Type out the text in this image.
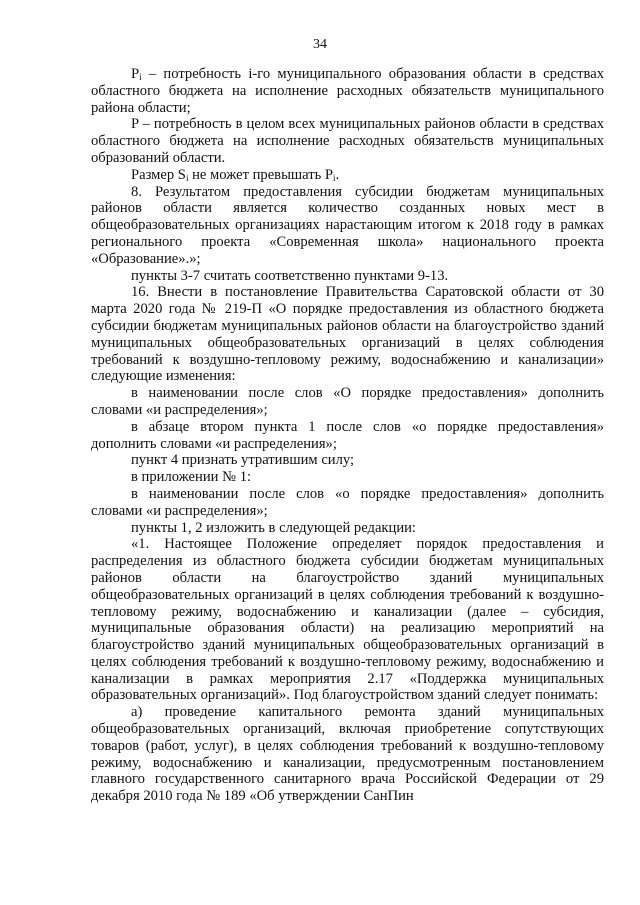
34

$P_i$ – потребность i-го муниципального образования области в средствах областного бюджета на исполнение расходных обязательств муниципального района области;

P – потребность в целом всех муниципальных районов области в средствах областного бюджета на исполнение расходных обязательств муниципальных образований области.

Размер $S_i$ не может превышать $P_i$.

8. Результатом предоставления субсидии бюджетам муниципальных районов области является количество созданных новых мест в общеобразовательных организациях нарастающим итогом к 2018 году в рамках регионального проекта «Современная школа» национального проекта «Образование».»;

пункты 3-7 считать соответственно пунктами 9-13.

16. Внести в постановление Правительства Саратовской области от 30 марта 2020 года № 219-П «О порядке предоставления из областного бюджета субсидии бюджетам муниципальных районов области на благоустройство зданий муниципальных общеобразовательных организаций в целях соблюдения требований к воздушно-тепловому режиму, водоснабжению и канализации» следующие изменения:

в наименовании после слов «О порядке предоставления» дополнить словами «и распределения»;

в абзаце втором пункта 1 после слов «о порядке предоставления» дополнить словами «и распределения»;

пункт 4 признать утратившим силу;

в приложении № 1:

в наименовании после слов «о порядке предоставления» дополнить словами «и распределения»;

пункты 1, 2 изложить в следующей редакции:

«1. Настоящее Положение определяет порядок предоставления и распределения из областного бюджета субсидии бюджетам муниципальных районов области на благоустройство зданий муниципальных общеобразовательных организаций в целях соблюдения требований к воздушно-тепловому режиму, водоснабжению и канализации (далее – субсидия, муниципальные образования области) на реализацию мероприятий на благоустройство зданий муниципальных общеобразовательных организаций в целях соблюдения требований к воздушно-тепловому режиму, водоснабжению и канализации в рамках мероприятия 2.17 «Поддержка муниципальных образовательных организаций». Под благоустройством зданий следует понимать:

а) проведение капитального ремонта зданий муниципальных общеобразовательных организаций, включая приобретение сопутствующих товаров (работ, услуг), в целях соблюдения требований к воздушно-тепловому режиму, водоснабжению и канализации, предусмотренным постановлением главного государственного санитарного врача Российской Федерации от 29 декабря 2010 года № 189 «Об утверждении СанПин
